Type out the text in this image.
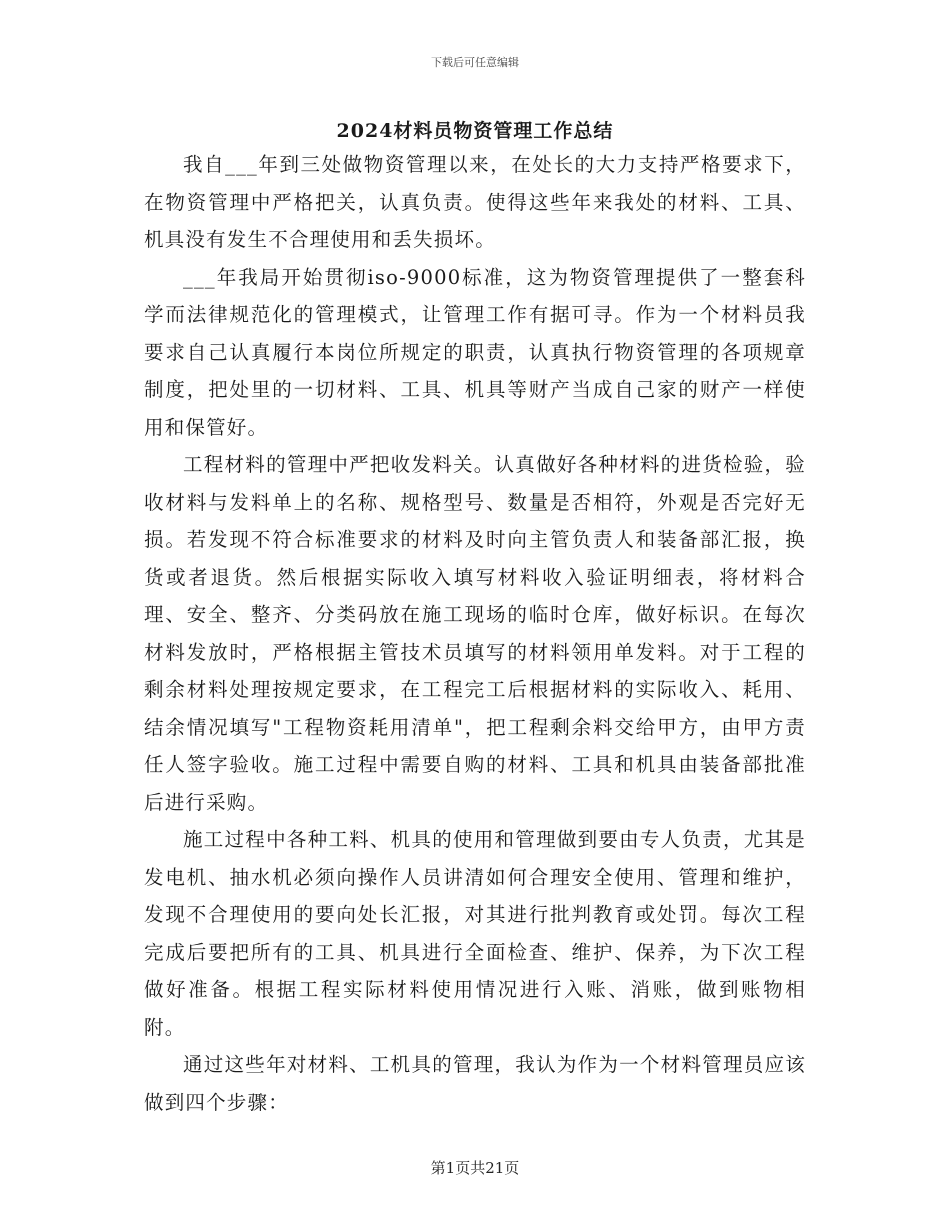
下载后可任意编辑
2024材料员物资管理工作总结

我自___年到三处做物资管理以来，在处长的大力支持严格要求下，在物资管理中严格把关，认真负责。使得这些年来我处的材料、工具、机具没有发生不合理使用和丢失损坏。

___年我局开始贯彻iso-9000标准，这为物资管理提供了一整套科学而法律规范化的管理模式，让管理工作有据可寻。作为一个材料员我要求自己认真履行本岗位所规定的职责，认真执行物资管理的各项规章制度，把处里的一切材料、工具、机具等财产当成自己家的财产一样使用和保管好。

工程材料的管理中严把收发料关。认真做好各种材料的进货检验，验收材料与发料单上的名称、规格型号、数量是否相符，外观是否完好无损。若发现不符合标准要求的材料及时向主管负责人和装备部汇报，换货或者退货。然后根据实际收入填写材料收入验证明细表，将材料合理、安全、整齐、分类码放在施工现场的临时仓库，做好标识。在每次材料发放时，严格根据主管技术员填写的材料领用单发料。对于工程的剩余材料处理按规定要求，在工程完工后根据材料的实际收入、耗用、结余情况填写"工程物资耗用清单"，把工程剩余料交给甲方，由甲方责任人签字验收。施工过程中需要自购的材料、工具和机具由装备部批准后进行采购。

施工过程中各种工料、机具的使用和管理做到要由专人负责，尤其是发电机、抽水机必须向操作人员讲清如何合理安全使用、管理和维护，发现不合理使用的要向处长汇报，对其进行批判教育或处罚。每次工程完成后要把所有的工具、机具进行全面检查、维护、保养，为下次工程做好准备。根据工程实际材料使用情况进行入账、消账，做到账物相附。

通过这些年对材料、工机具的管理，我认为作为一个材料管理员应该做到四个步骤：

第1页共21页
